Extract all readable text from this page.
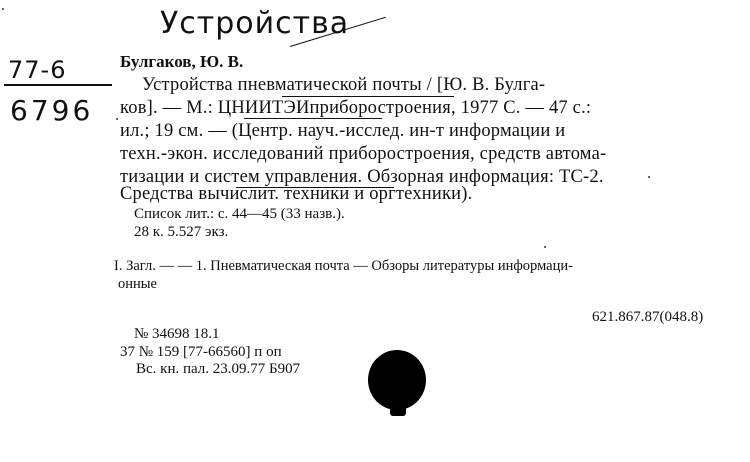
Устройства
77-6
6796
Булгаков, Ю. В.
Устройства пневматической почты / [Ю. В. Булга-
ков]. — М.: ЦНИИТЭИприборостроения, 1977 С. — 47 с.:
ил.; 19 см. — (Центр. науч.-исслед. ин-т информации и
техн.-экон. исследований приборостроения, средств автома-
тизации и систем управления. Обзорная информация: ТС-2.
Средства вычислит. техники и оргтехники).
Список лит.: с. 44—45 (33 назв.).
28 к. 5.527 экз.
I. Загл. — — 1. Пневматическая почта — Обзоры литературы информаци-
онные
621.867.87(048.8)
№ 34698 18.1
37 № 159 [77-66560] п оп
Вс. кн. пал. 23.09.77 Б907
